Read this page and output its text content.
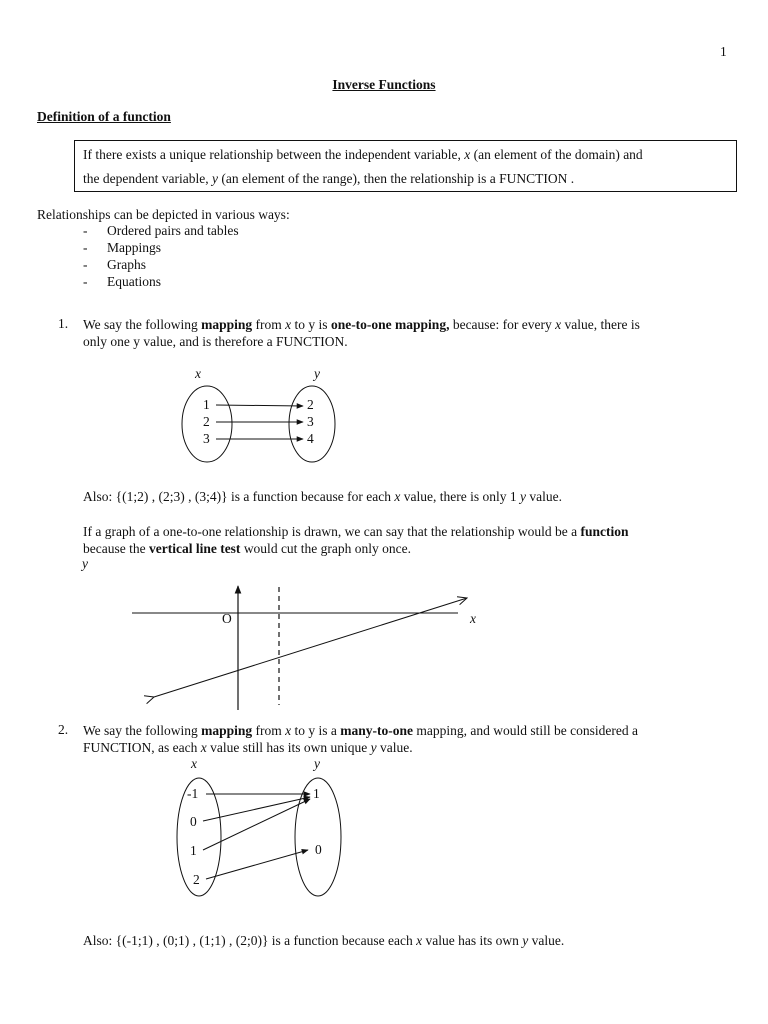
1
Inverse Functions
Definition of a function
If there exists a unique relationship between the independent variable, x (an element of the domain) and
the dependent variable, y (an element of the range), then the relationship is a FUNCTION .
Relationships can be depicted in various ways:
- Ordered pairs and tables
- Mappings
- Graphs
- Equations
1. We say the following mapping from x to y is one-to-one mapping, because: for every x value, there is
only one y value, and is therefore a FUNCTION.
Also: {(1;2) , (2;3) , (3;4)} is a function because for each x value, there is only 1 y value.
If a graph of a one-to-one relationship is drawn, we can say that the relationship would be a function
because the vertical line test would cut the graph only once.
2. We say the following mapping from x to y is a many-to-one mapping, and would still be considered a
FUNCTION, as each x value still has its own unique y value.
Also: {(-1;1) , (0;1) , (1;1) , (2;0)} is a function because each x value has its own y value.
x	y
1
2
3
2
3
4
y
O	x
x	y
-1
0
1
2
1
0
